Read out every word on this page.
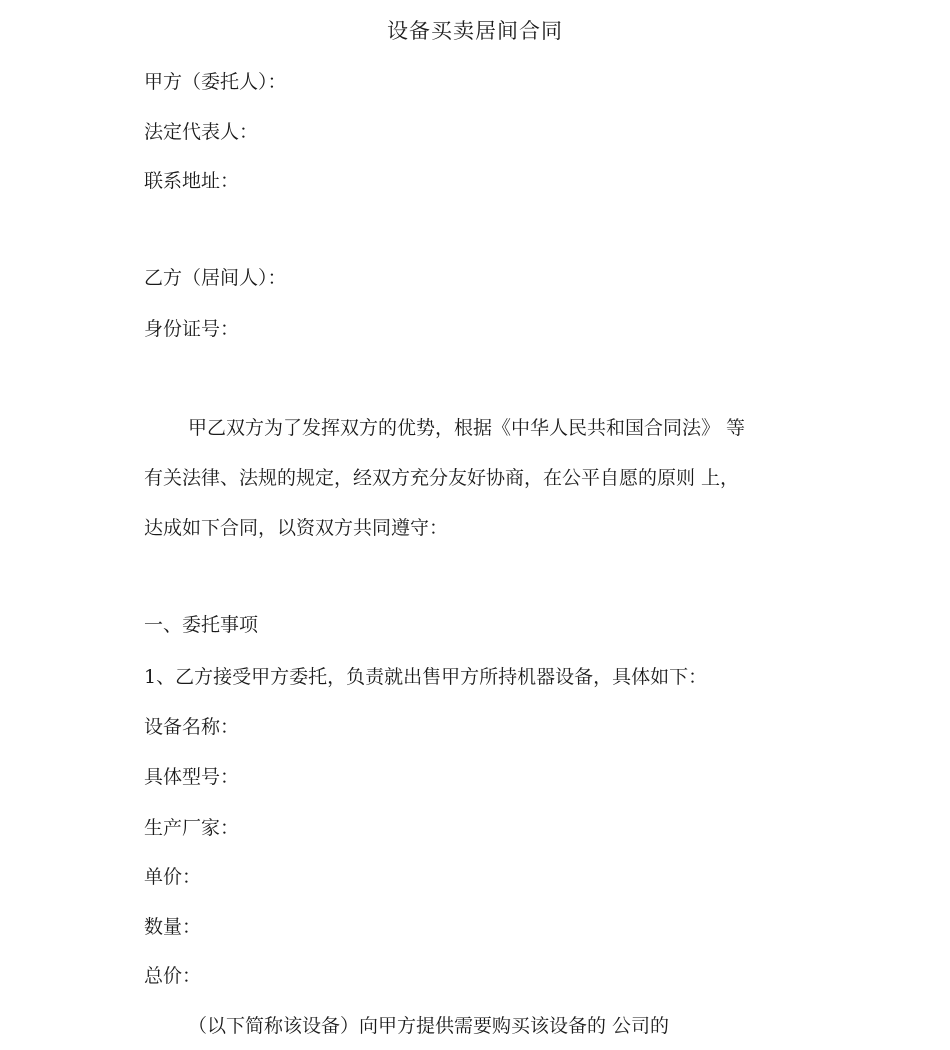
设备买卖居间合同
甲方（委托人）：
法定代表人：
联系地址：
乙方（居间人）：
身份证号：
甲乙双方为了发挥双方的优势，根据《中华人民共和国合同法》 等
有关法律、法规的规定，经双方充分友好协商，在公平自愿的原则 上，
达成如下合同，以资双方共同遵守：
一、委托事项
1、乙方接受甲方委托，负责就出售甲方所持机器设备，具体如下：
设备名称：
具体型号：
生产厂家：
单价：
数量：
总价：
（以下简称该设备）向甲方提供需要购买该设备的 公司的
